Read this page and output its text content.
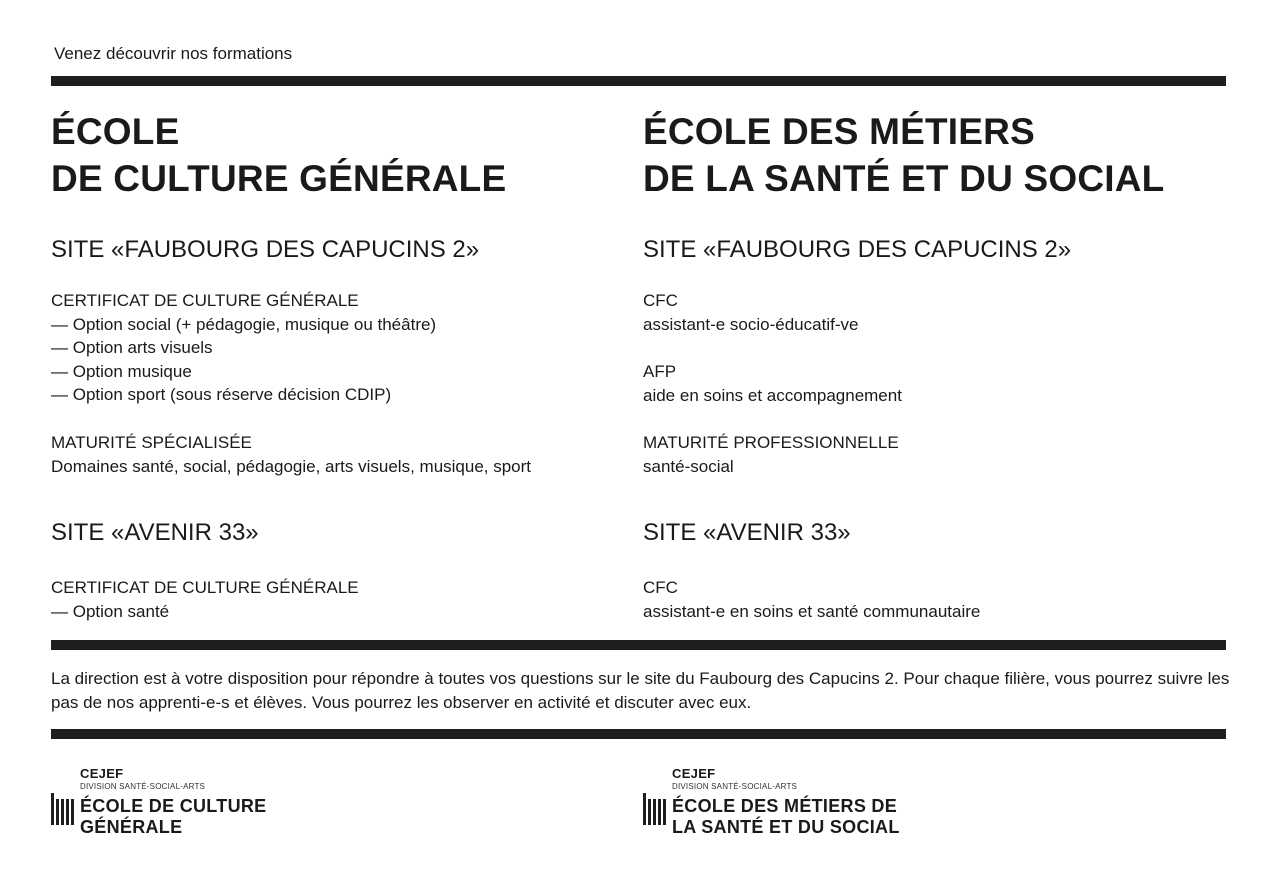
Venez découvrir nos formations
ÉCOLE
DE CULTURE GÉNÉRALE
SITE «FAUBOURG DES CAPUCINS 2»
CERTIFICAT DE CULTURE GÉNÉRALE
— Option social (+ pédagogie, musique ou théâtre)
— Option arts visuels
— Option musique
— Option sport (sous réserve décision CDIP)
MATURITÉ SPÉCIALISÉE
Domaines santé, social, pédagogie, arts visuels, musique, sport
SITE «AVENIR 33»
CERTIFICAT DE CULTURE GÉNÉRALE
— Option santé
ÉCOLE DES MÉTIERS
DE LA SANTÉ ET DU SOCIAL
SITE «FAUBOURG DES CAPUCINS 2»
CFC
assistant-e socio-éducatif-ve
AFP
aide en soins et accompagnement
MATURITÉ PROFESSIONNELLE
santé-social
SITE «AVENIR 33»
CFC
assistant-e en soins et santé communautaire
La direction est à votre disposition pour répondre à toutes vos questions sur le site du Faubourg des Capucins 2. Pour chaque filière, vous pourrez suivre les pas de nos apprenti-e-s et élèves. Vous pourrez les observer en activité et discuter avec eux.
CEJEF
DIVISION SANTÉ-SOCIAL-ARTS
ÉCOLE DE CULTURE
GÉNÉRALE
CEJEF
DIVISION SANTÉ-SOCIAL-ARTS
ÉCOLE DES MÉTIERS DE
LA SANTÉ ET DU SOCIAL
